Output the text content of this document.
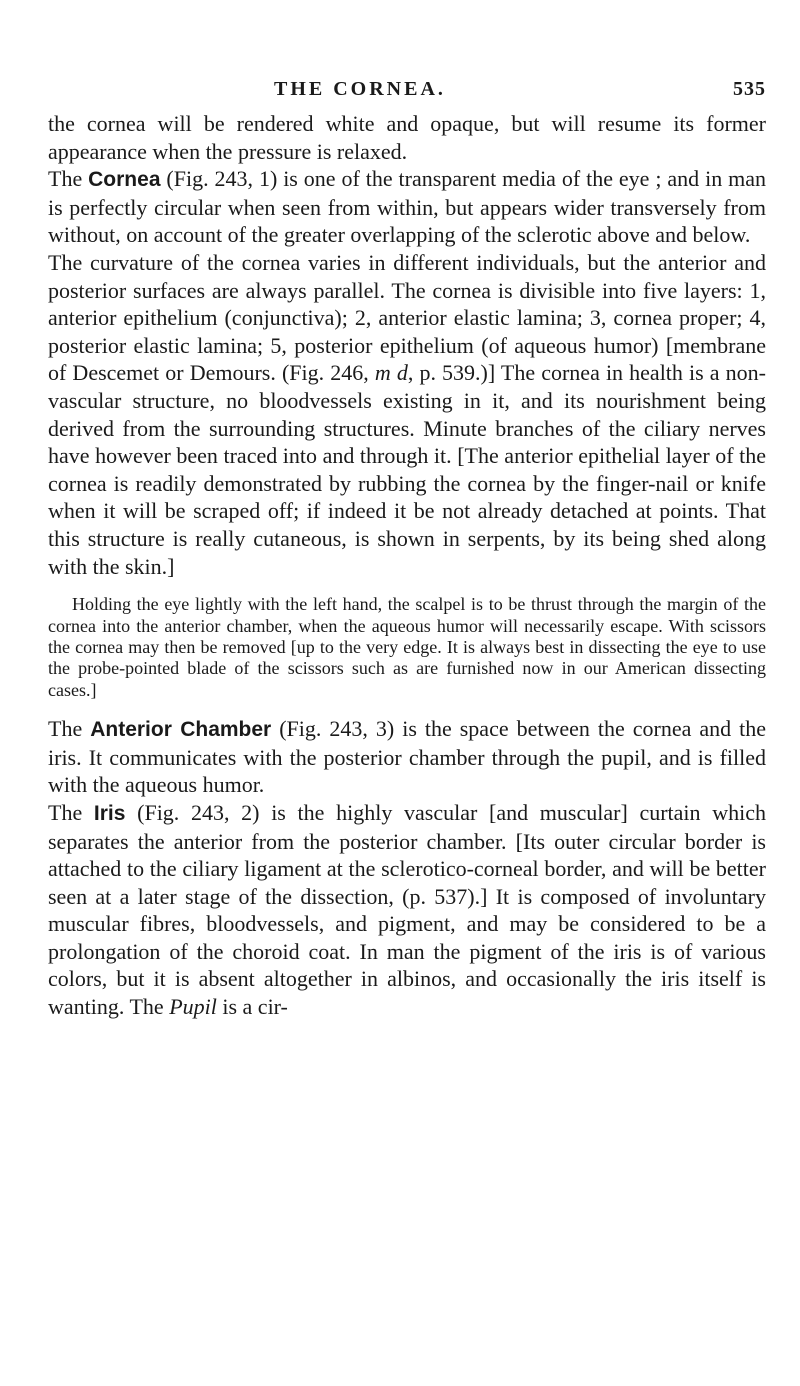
THE CORNEA.	535

the cornea will be rendered white and opaque, but will resume its former appearance when the pressure is relaxed.

The Cornea (Fig. 243, 1) is one of the transparent media of the eye ; and in man is perfectly circular when seen from within, but appears wider transversely from without, on account of the greater overlapping of the sclerotic above and below.

The curvature of the cornea varies in different individuals, but the anterior and posterior surfaces are always parallel. The cornea is divisible into five layers: 1, anterior epithelium (conjunctiva); 2, anterior elastic lamina; 3, cornea proper; 4, posterior elastic lamina; 5, posterior epithelium (of aqueous humor) [membrane of Descemet or Demours. (Fig. 246, m d, p. 539.)] The cornea in health is a non-vascular structure, no bloodvessels existing in it, and its nourishment being derived from the surrounding structures. Minute branches of the ciliary nerves have however been traced into and through it. [The anterior epithelial layer of the cornea is readily demonstrated by rubbing the cornea by the finger-nail or knife when it will be scraped off; if indeed it be not already detached at points. That this structure is really cutaneous, is shown in serpents, by its being shed along with the skin.]

Holding the eye lightly with the left hand, the scalpel is to be thrust through the margin of the cornea into the anterior chamber, when the aqueous humor will necessarily escape. With scissors the cornea may then be removed [up to the very edge. It is always best in dissecting the eye to use the probe-pointed blade of the scissors such as are furnished now in our American dissecting cases.]

The Anterior Chamber (Fig. 243, 3) is the space between the cornea and the iris. It communicates with the posterior chamber through the pupil, and is filled with the aqueous humor.

The Iris (Fig. 243, 2) is the highly vascular [and muscular] curtain which separates the anterior from the posterior chamber. [Its outer circular border is attached to the ciliary ligament at the sclerotico-corneal border, and will be better seen at a later stage of the dissection, (p. 537).] It is composed of involuntary muscular fibres, bloodvessels, and pigment, and may be considered to be a prolongation of the choroid coat. In man the pigment of the iris is of various colors, but it is absent altogether in albinos, and occasionally the iris itself is wanting. The Pupil is a cir-
